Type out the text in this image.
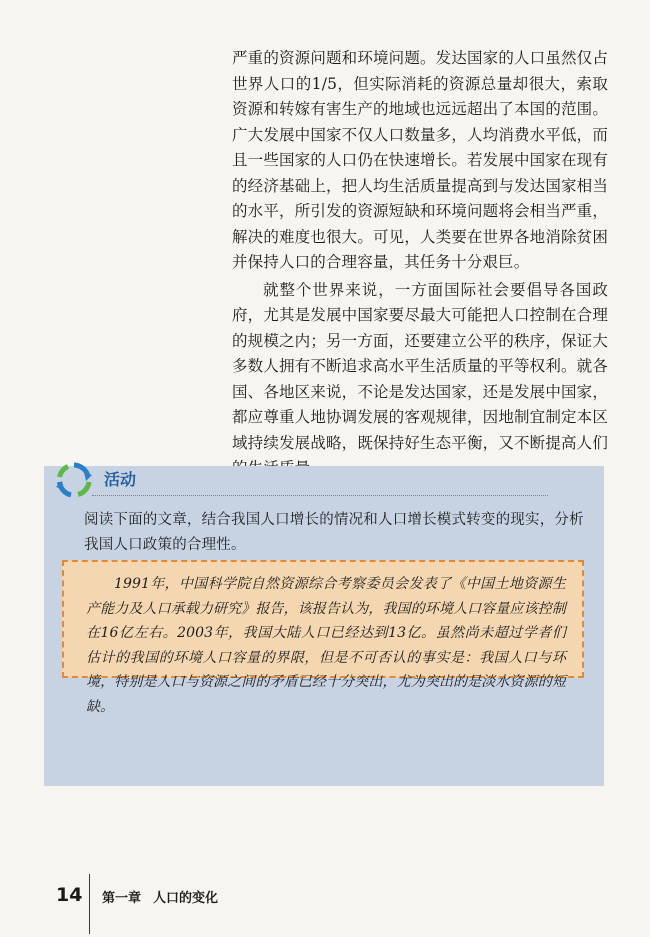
严重的资源问题和环境问题。发达国家的人口虽然仅占世界人口的1/5，但实际消耗的资源总量却很大，索取资源和转嫁有害生产的地域也远远超出了本国的范围。广大发展中国家不仅人口数量多，人均消费水平低，而且一些国家的人口仍在快速增长。若发展中国家在现有的经济基础上，把人均生活质量提高到与发达国家相当的水平，所引发的资源短缺和环境问题将会相当严重，解决的难度也很大。可见，人类要在世界各地消除贫困并保持人口的合理容量，其任务十分艰巨。

就整个世界来说，一方面国际社会要倡导各国政府，尤其是发展中国家要尽最大可能把人口控制在合理的规模之内；另一方面，还要建立公平的秩序，保证大多数人拥有不断追求高水平生活质量的平等权利。就各国、各地区来说，不论是发达国家，还是发展中国家，都应尊重人地协调发展的客观规律，因地制宜制定本区域持续发展战略，既保持好生态平衡，又不断提高人们

活动
阅读下面的文章，结合我国人口增长的情况和人口增长模式转变的现实，分析我国人口政策的合理性。

1991年，中国科学院自然资源综合考察委员会发表了《中国土地资源生产能力及人口承载力研究》报告，该报告认为，我国的环境人口容量应该控制在16亿左右。2003年，我国大陆人口已经达到13亿。虽然尚未超过学者们估计的我国的环境人口容量的界限，但是不可否认的事实是：我国人口与环境，特别是人口与资源之间的矛盾已经十分突出，尤为突出的是淡水资源的短缺。

14 第一章 人口的变化
